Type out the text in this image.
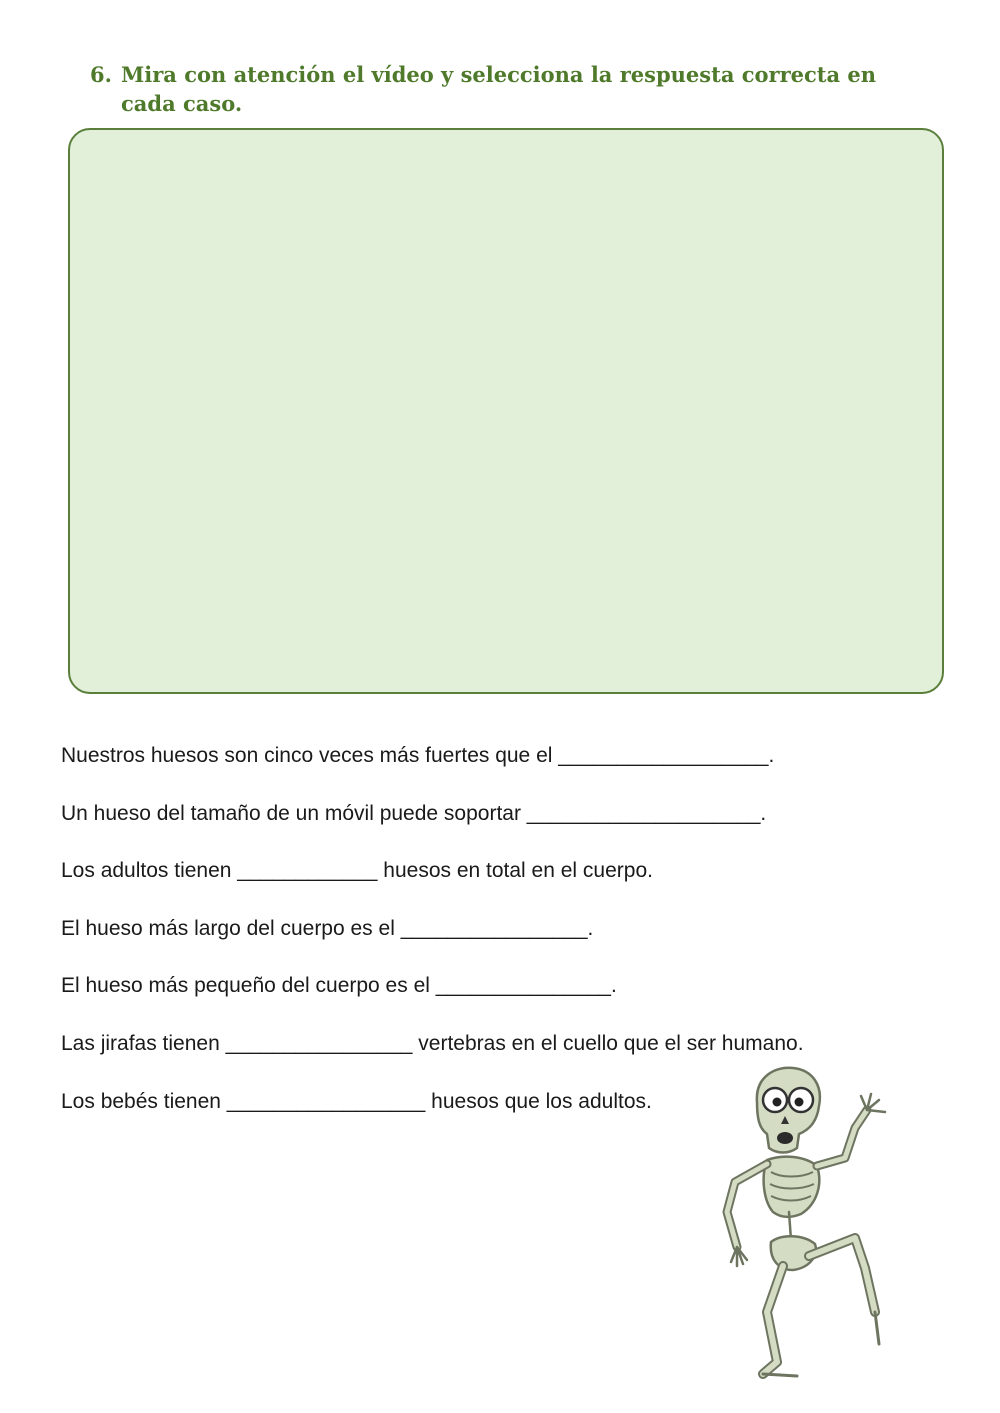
6. Mira con atención el vídeo y selecciona la respuesta correcta en cada caso.
Nuestros huesos son cinco veces más fuertes que el __________________.
Un hueso del tamaño de un móvil puede soportar ____________________.
Los adultos tienen ____________ huesos en total en el cuerpo.
El hueso más largo del cuerpo es el ________________.
El hueso más pequeño del cuerpo es el _______________.
Las jirafas tienen ________________ vertebras en el cuello que el ser humano.
Los bebés tienen _________________ huesos que los adultos.
